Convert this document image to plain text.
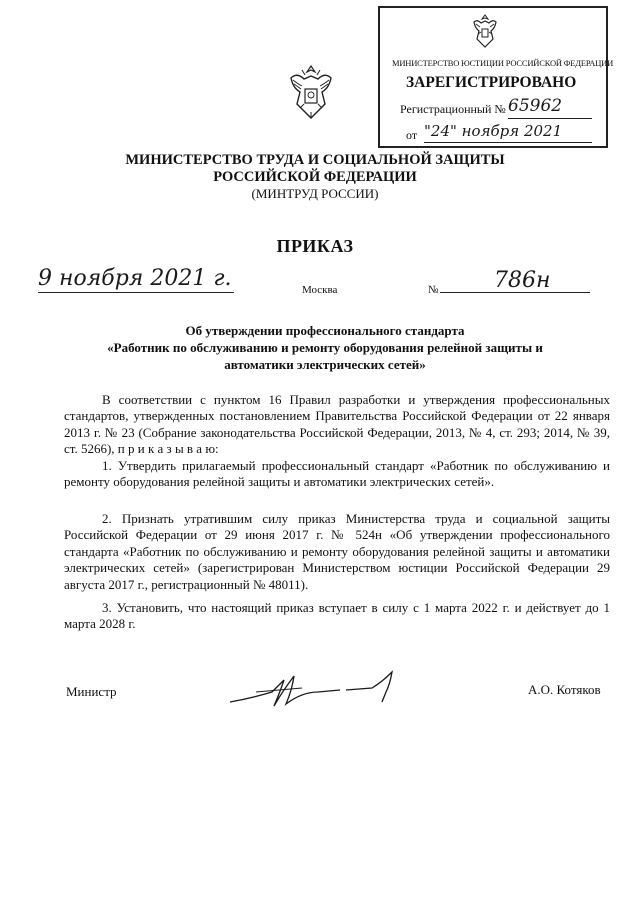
МИНИСТЕРСТВО ЮСТИЦИИ РОССИЙСКОЙ ФЕДЕРАЦИИ
ЗАРЕГИСТРИРОВАНО
Регистрационный № 65962
от "24" ноября 2021
МИНИСТЕРСТВО ТРУДА И СОЦИАЛЬНОЙ ЗАЩИТЫ
РОССИЙСКОЙ ФЕДЕРАЦИИ
(МИНТРУД РОССИИ)
ПРИКАЗ
9 ноября 2021 г.	Москва	№	786н
Об утверждении профессионального стандарта
«Работник по обслуживанию и ремонту оборудования релейной защиты и
автоматики электрических сетей»
В соответствии с пунктом 16 Правил разработки и утверждения профессиональных стандартов, утвержденных постановлением Правительства Российской Федерации от 22 января 2013 г. № 23 (Собрание законодательства Российской Федерации, 2013, № 4, ст. 293; 2014, № 39, ст. 5266), п р и к а з ы в а ю:
1. Утвердить прилагаемый профессиональный стандарт «Работник по обслуживанию и ремонту оборудования релейной защиты и автоматики электрических сетей».
2. Признать утратившим силу приказ Министерства труда и социальной защиты Российской Федерации от 29 июня 2017 г. № 524н «Об утверждении профессионального стандарта «Работник по обслуживанию и ремонту оборудования релейной защиты и автоматики электрических сетей» (зарегистрирован Министерством юстиции Российской Федерации 29 августа 2017 г., регистрационный № 48011).
3. Установить, что настоящий приказ вступает в силу с 1 марта 2022 г. и действует до 1 марта 2028 г.
Министр	А.О. Котяков
